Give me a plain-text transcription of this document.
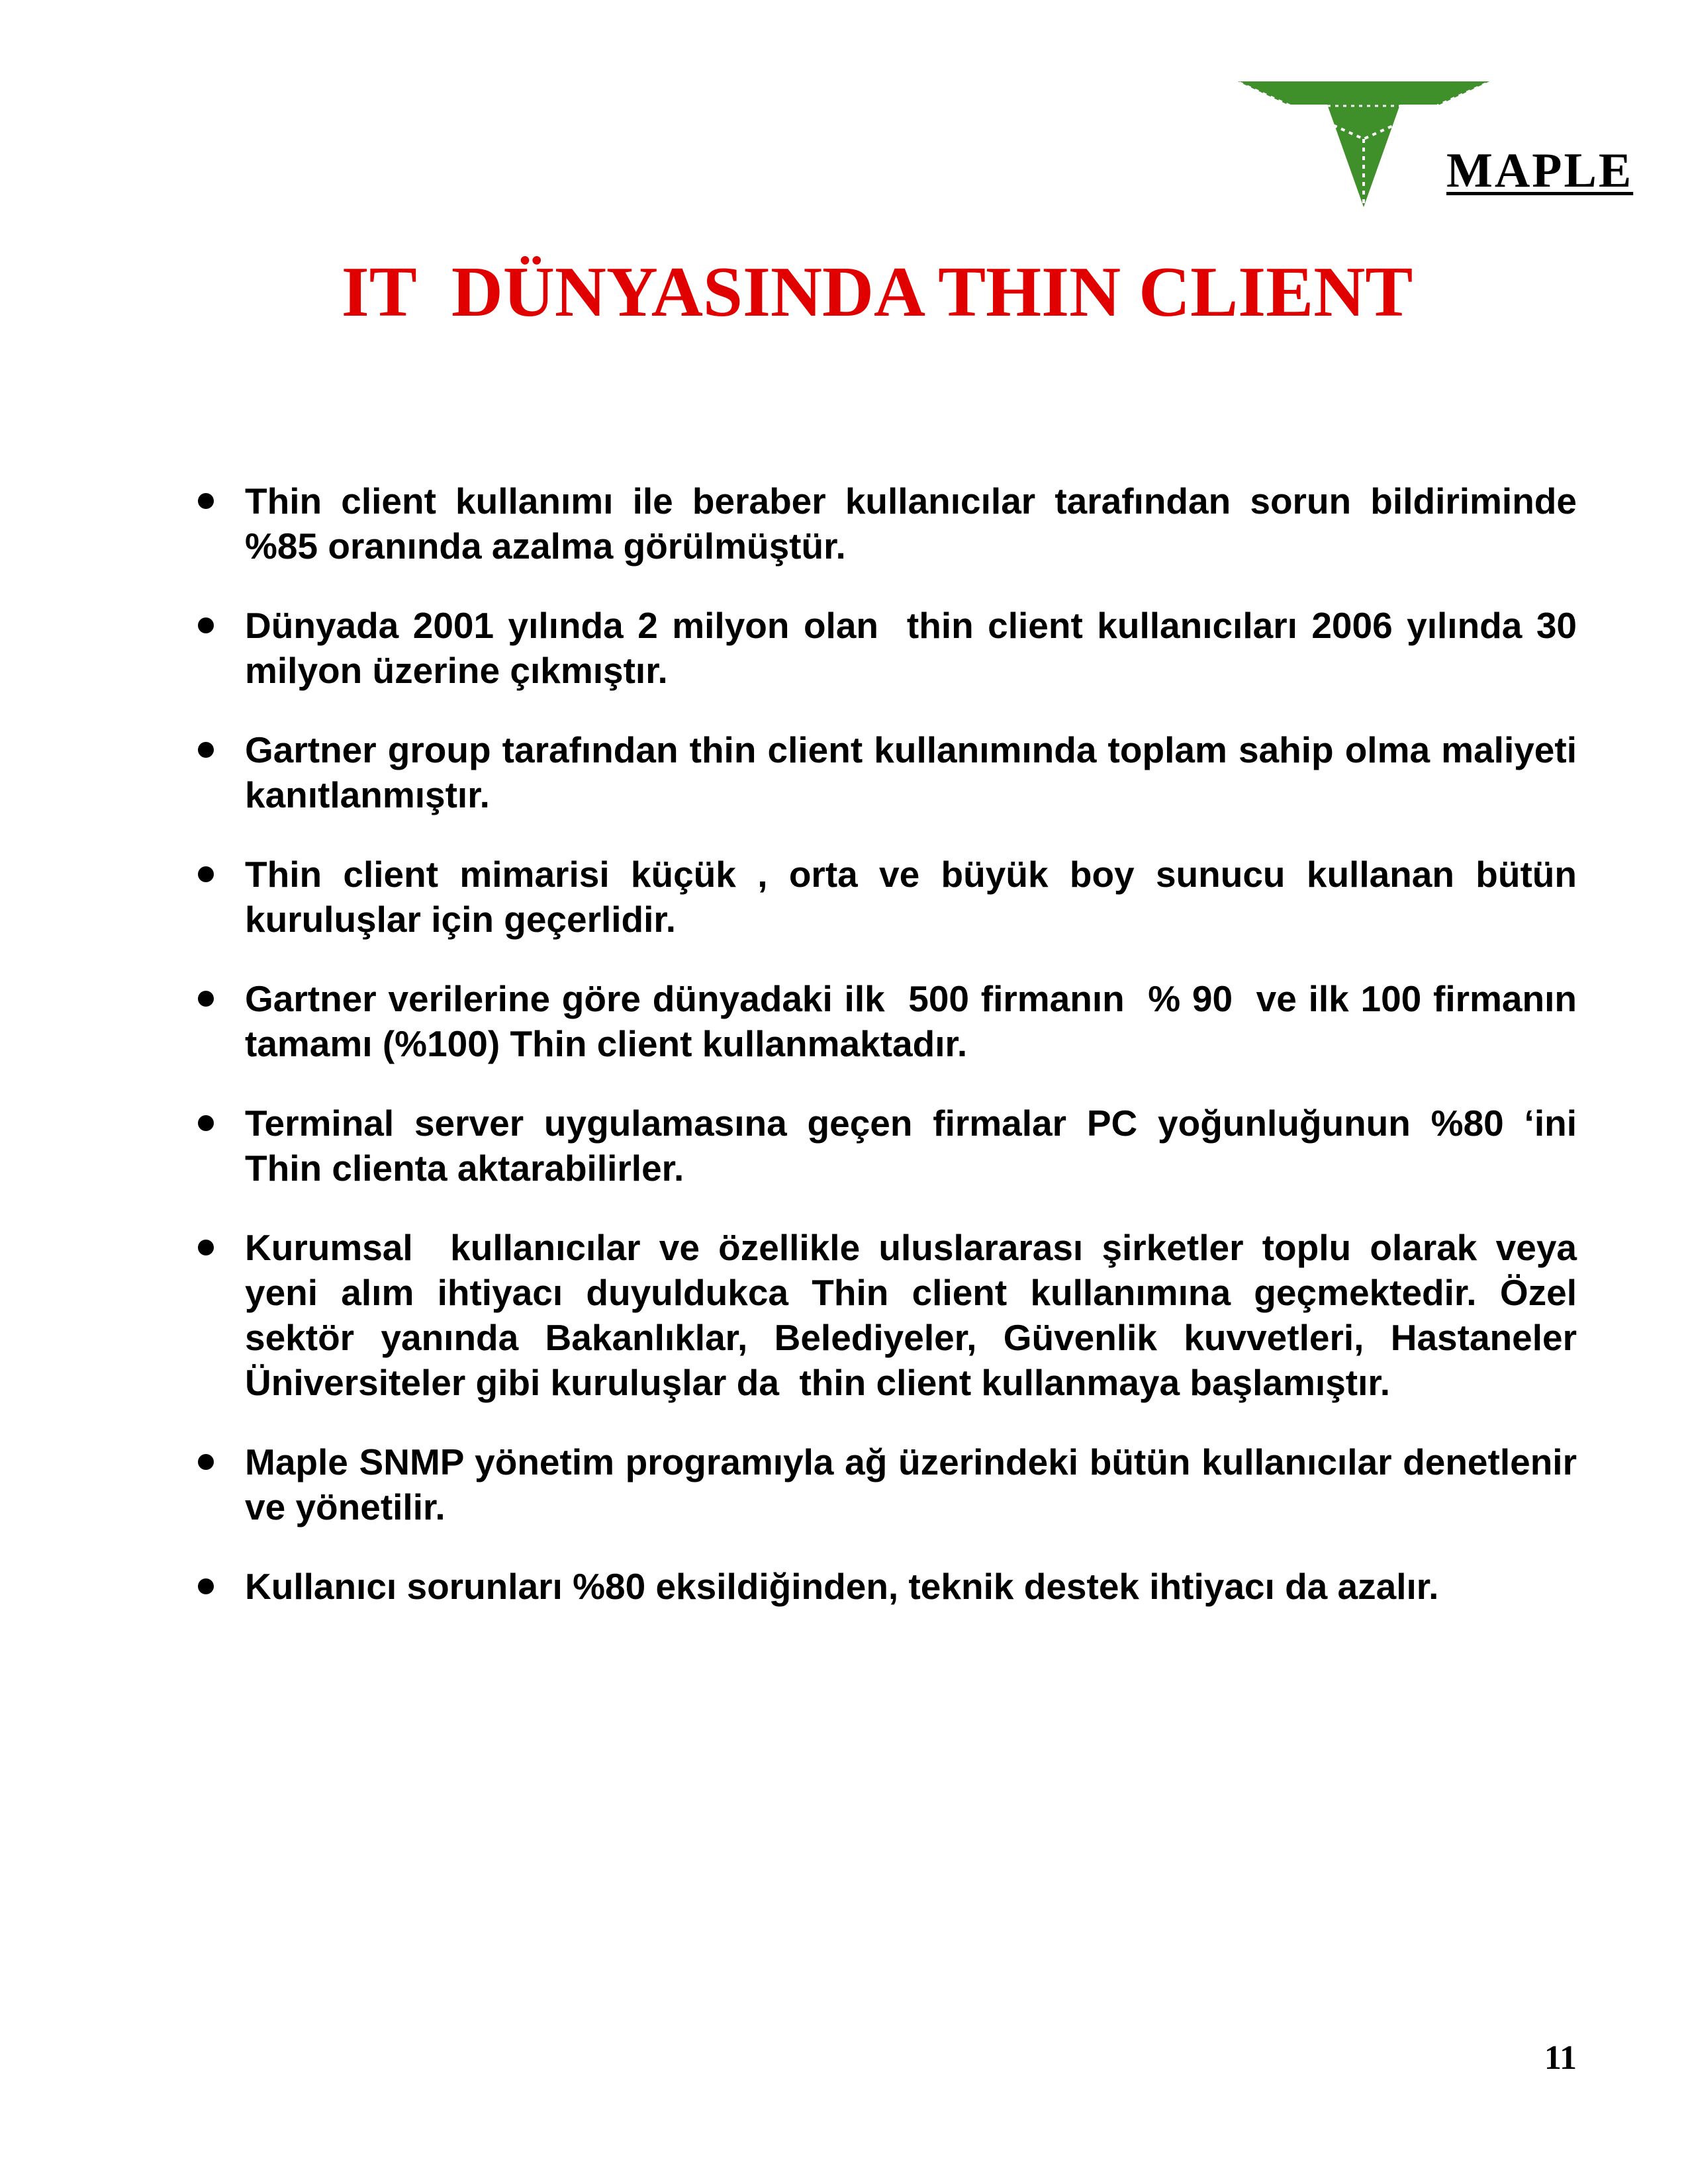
MAPLE
IT  DÜNYASINDA THIN CLIENT
Thin client kullanımı ile beraber kullanıcılar tarafından sorun bildiriminde %85 oranında azalma görülmüştür.
Dünyada 2001 yılında 2 milyon olan  thin client kullanıcıları 2006 yılında 30 milyon üzerine çıkmıştır.
Gartner group tarafından thin client kullanımında toplam sahip olma maliyeti  kanıtlanmıştır.
Thin client mimarisi küçük , orta ve büyük boy sunucu kullanan bütün kuruluşlar için geçerlidir.
Gartner verilerine göre dünyadaki ilk  500 firmanın  % 90  ve ilk 100 firmanın  tamamı (%100) Thin client kullanmaktadır.
Terminal server uygulamasına geçen firmalar PC yoğunluğunun %80 ‘ini Thin clienta aktarabilirler.
Kurumsal  kullanıcılar ve özellikle uluslararası şirketler toplu olarak veya yeni alım ihtiyacı duyuldukca Thin client kullanımına geçmektedir. Özel sektör yanında Bakanlıklar, Belediyeler, Güvenlik kuvvetleri, Hastaneler Üniversiteler gibi kuruluşlar da  thin client kullanmaya başlamıştır.
Maple SNMP yönetim programıyla ağ üzerindeki bütün kullanıcılar denetlenir ve yönetilir.
Kullanıcı sorunları %80 eksildiğinden, teknik destek ihtiyacı da azalır.
11
